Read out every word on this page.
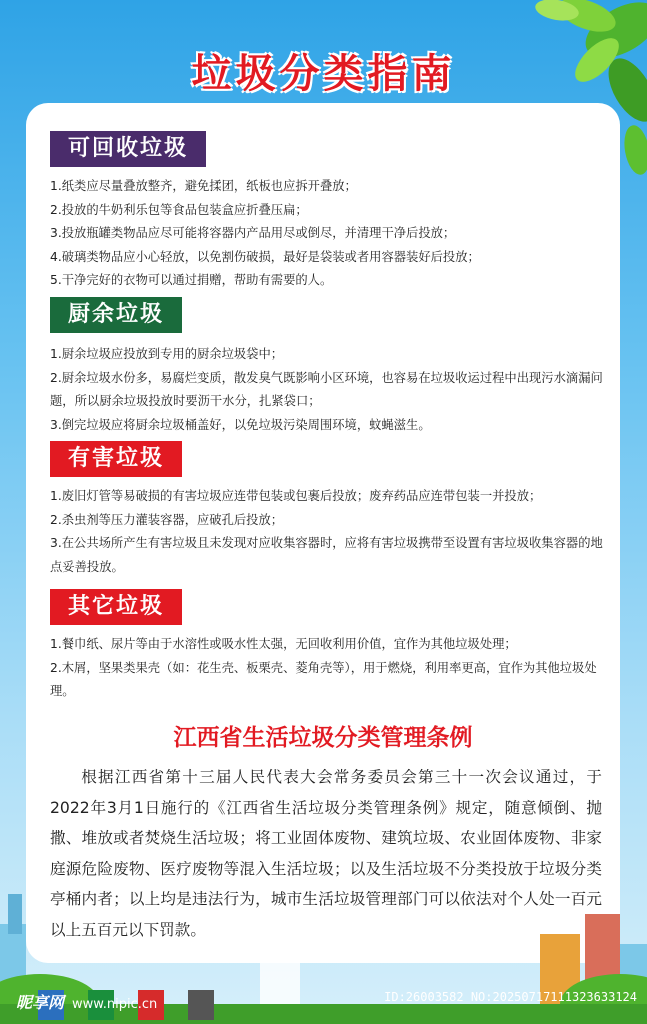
垃圾分类指南
可回收垃圾
1.纸类应尽量叠放整齐，避免揉团，纸板也应拆开叠放；
2.投放的牛奶利乐包等食品包装盒应折叠压扁；
3.投放瓶罐类物品应尽可能将容器内产品用尽或倒尽，并清理干净后投放；
4.破璃类物品应小心轻放，以免割伤破损，最好是袋装或者用容器装好后投放；
5.干净完好的衣物可以通过捐赠，帮助有需要的人。
厨余垃圾
1.厨余垃圾应投放到专用的厨余垃圾袋中；
2.厨余垃圾水份多，易腐烂变质，散发臭气既影响小区环境，也容易在垃圾收运过程中出现污水滴漏问题，所以厨余垃圾投放时要沥干水分，扎紧袋口；
3.倒完垃圾应将厨余垃圾桶盖好，以免垃圾污染周围环境，蚊蝇滋生。
有害垃圾
1.废旧灯管等易破损的有害垃圾应连带包装或包裹后投放；废弃药品应连带包装一并投放；
2.杀虫剂等压力灌装容器，应破孔后投放；
3.在公共场所产生有害垃圾且未发现对应收集容器时，应将有害垃圾携带至设置有害垃圾收集容器的地点妥善投放。
其它垃圾
1.餐巾纸、尿片等由于水溶性或吸水性太强，无回收利用价值，宜作为其他垃圾处理；
2.木屑，坚果类果壳（如：花生壳、板栗壳、菱角壳等），用于燃烧，利用率更高，宜作为其他垃圾处理。
江西省生活垃圾分类管理条例
根据江西省第十三届人民代表大会常务委员会第三十一次会议通过，于2022年3月1日施行的《江西省生活垃圾分类管理条例》规定，随意倾倒、抛撒、堆放或者焚烧生活垃圾；将工业固体废物、建筑垃圾、农业固体废物、非家庭源危险废物、医疗废物等混入生活垃圾；以及生活垃圾不分类投放于垃圾分类亭桶内者；以上均是违法行为，城市生活垃圾管理部门可以依法对个人处一百元以上五百元以下罚款。
昵享网 www.nipic.cn	ID:26003582 NO:20250717111323633124
